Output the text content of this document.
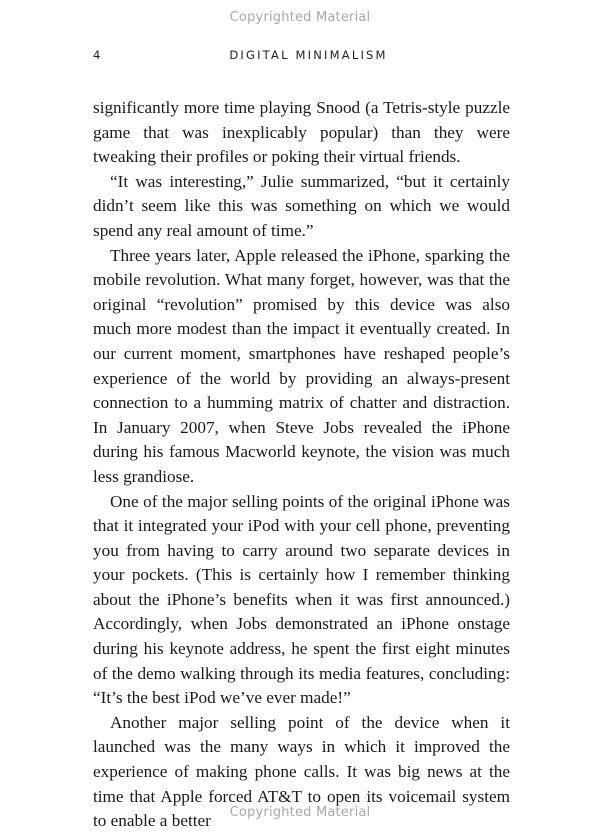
Copyrighted Material
4	DIGITAL MINIMALISM

significantly more time playing Snood (a Tetris-style puzzle game that was inexplicably popular) than they were tweaking their profiles or poking their virtual friends.

“It was interesting,” Julie summarized, “but it certainly didn’t seem like this was something on which we would spend any real amount of time.”

Three years later, Apple released the iPhone, sparking the mobile revolution. What many forget, however, was that the original “revolution” promised by this device was also much more modest than the impact it eventually created. In our current moment, smartphones have reshaped people’s experience of the world by providing an always-present connection to a humming matrix of chatter and distraction. In January 2007, when Steve Jobs revealed the iPhone during his famous Macworld keynote, the vision was much less grandiose.

One of the major selling points of the original iPhone was that it integrated your iPod with your cell phone, preventing you from having to carry around two separate devices in your pockets. (This is certainly how I remember thinking about the iPhone’s benefits when it was first announced.) Accordingly, when Jobs demonstrated an iPhone onstage during his keynote address, he spent the first eight minutes of the demo walking through its media features, concluding: “It’s the best iPod we’ve ever made!”

Another major selling point of the device when it launched was the many ways in which it improved the experience of making phone calls. It was big news at the time that Apple forced AT&T to open its voicemail system to enable a better	Copyrighted Material
